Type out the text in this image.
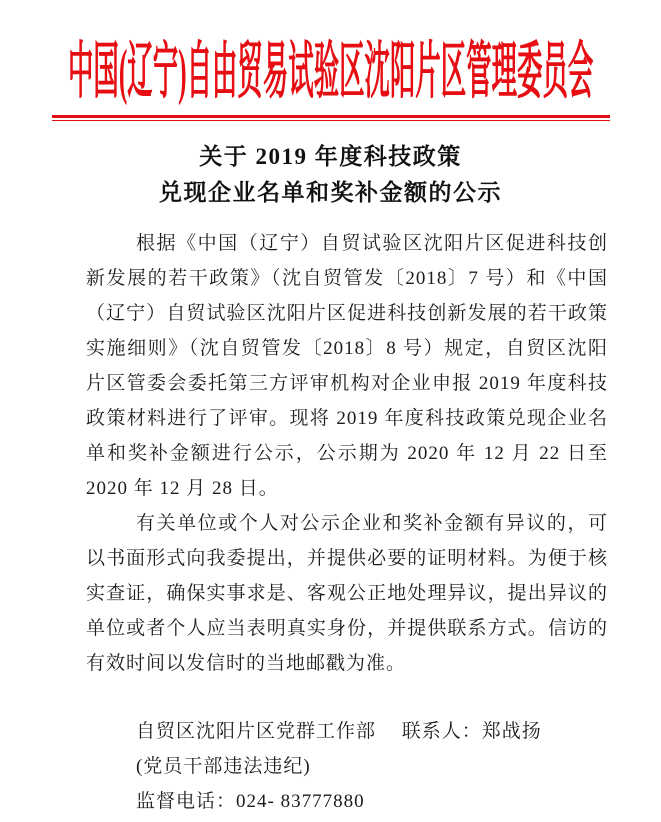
中国(辽宁)自由贸易试验区沈阳片区管理委员会
关于 2019 年度科技政策
兑现企业名单和奖补金额的公示

根据《中国（辽宁）自贸试验区沈阳片区促进科技创新发展的若干政策》（沈自贸管发〔2018〕7 号）和《中国（辽宁）自贸试验区沈阳片区促进科技创新发展的若干政策实施细则》（沈自贸管发〔2018〕8 号）规定，自贸区沈阳片区管委会委托第三方评审机构对企业申报 2019 年度科技政策材料进行了评审。现将 2019 年度科技政策兑现企业名单和奖补金额进行公示，公示期为 2020 年 12 月 22 日至 2020 年 12 月 28 日。

有关单位或个人对公示企业和奖补金额有异议的，可以书面形式向我委提出，并提供必要的证明材料。为便于核实查证，确保实事求是、客观公正地处理异议，提出异议的单位或者个人应当表明真实身份，并提供联系方式。信访的有效时间以发信时的当地邮戳为准。

自贸区沈阳片区党群工作部　 联系人：郑战扬

(党员干部违法违纪)

监督电话：024- 83777880
